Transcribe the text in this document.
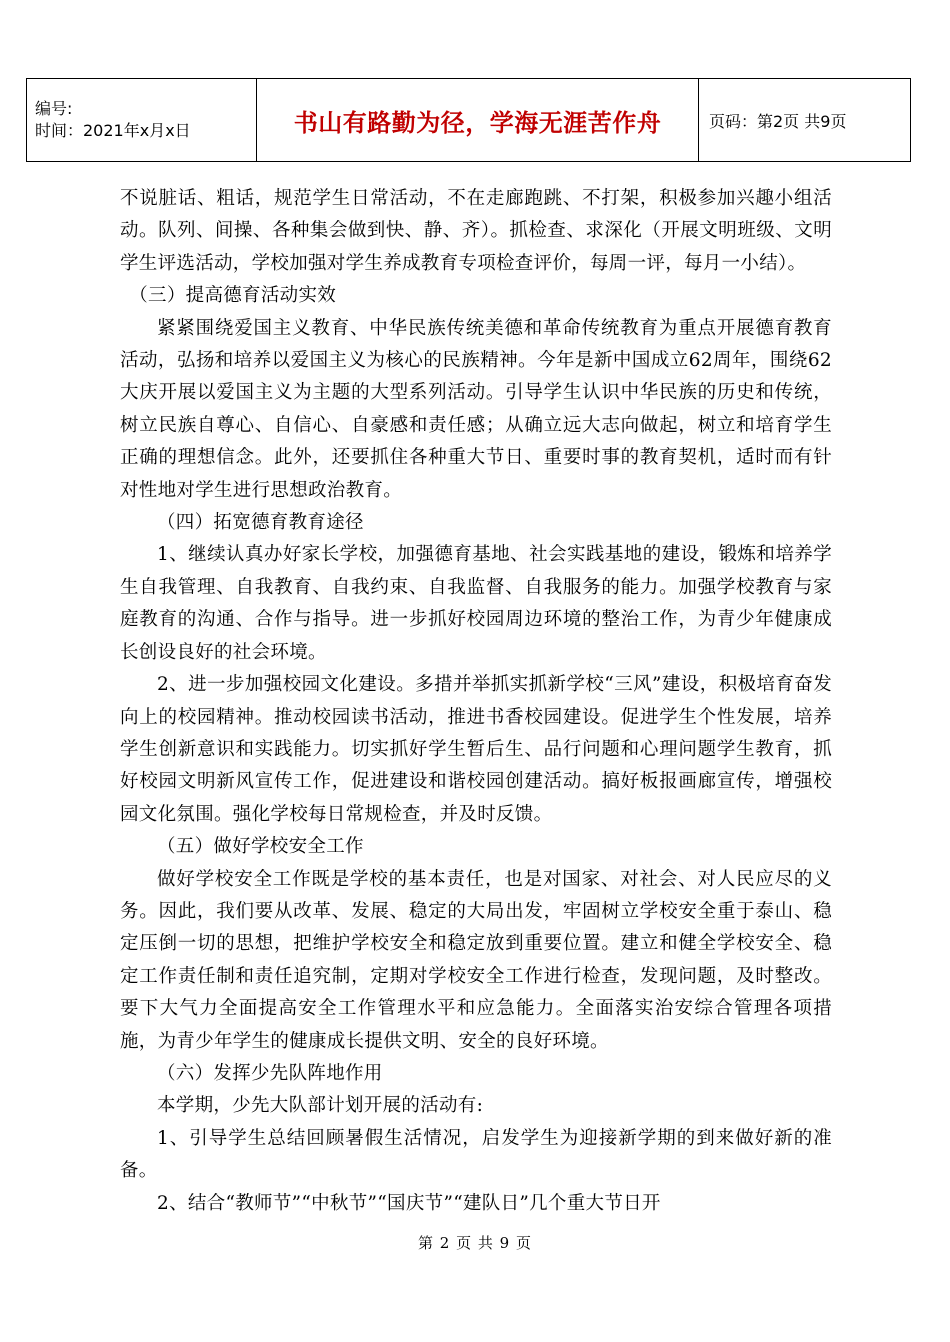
编号:
时间：2021年x月x日	书山有路勤为径，学海无涯苦作舟	页码：第2页 共9页

不说脏话、粗话，规范学生日常活动，不在走廊跑跳、不打架，积极参加兴趣小组活动。队列、间操、各种集会做到快、静、齐）。抓检查、求深化（开展文明班级、文明学生评选活动，学校加强对学生养成教育专项检查评价，每周一评，每月一小结）。

（三）提高德育活动实效

紧紧围绕爱国主义教育、中华民族传统美德和革命传统教育为重点开展德育教育活动，弘扬和培养以爱国主义为核心的民族精神。今年是新中国成立62周年，围绕62大庆开展以爱国主义为主题的大型系列活动。引导学生认识中华民族的历史和传统，树立民族自尊心、自信心、自豪感和责任感；从确立远大志向做起，树立和培育学生正确的理想信念。此外，还要抓住各种重大节日、重要时事的教育契机，适时而有针对性地对学生进行思想政治教育。

（四）拓宽德育教育途径

1、继续认真办好家长学校，加强德育基地、社会实践基地的建设，锻炼和培养学生自我管理、自我教育、自我约束、自我监督、自我服务的能力。加强学校教育与家庭教育的沟通、合作与指导。进一步抓好校园周边环境的整治工作，为青少年健康成长创设良好的社会环境。

2、进一步加强校园文化建设。多措并举抓实抓新学校“三风”建设，积极培育奋发向上的校园精神。推动校园读书活动，推进书香校园建设。促进学生个性发展，培养学生创新意识和实践能力。切实抓好学生暂后生、品行问题和心理问题学生教育，抓好校园文明新风宣传工作，促进建设和谐校园创建活动。搞好板报画廊宣传，增强校园文化氛围。强化学校每日常规检查，并及时反馈。

（五）做好学校安全工作

做好学校安全工作既是学校的基本责任，也是对国家、对社会、对人民应尽的义务。因此，我们要从改革、发展、稳定的大局出发，牢固树立学校安全重于泰山、稳定压倒一切的思想，把维护学校安全和稳定放到重要位置。建立和健全学校安全、稳定工作责任制和责任追究制，定期对学校安全工作进行检查，发现问题，及时整改。要下大气力全面提高安全工作管理水平和应急能力。全面落实治安综合管理各项措施，为青少年学生的健康成长提供文明、安全的良好环境。

（六）发挥少先队阵地作用

本学期，少先大队部计划开展的活动有:

1、引导学生总结回顾暑假生活情况，启发学生为迎接新学期的到来做好新的准备。

2、结合“教师节”“中秋节”“国庆节”“建队日”几个重大节日开

第 2 页 共 9 页
